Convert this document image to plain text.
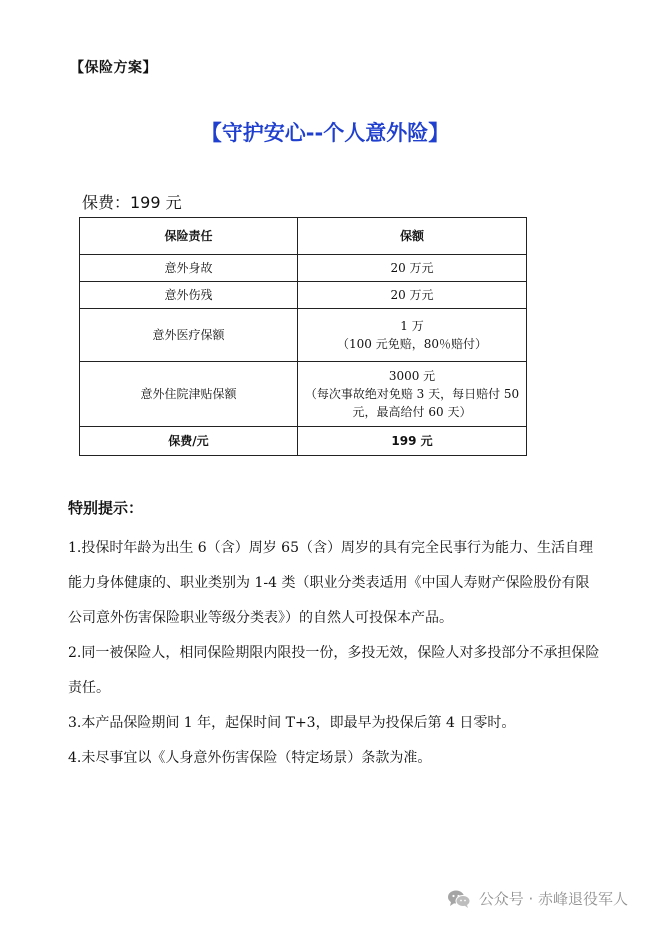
【保险方案】
【守护安心--个人意外险】
保费：199 元
保险责任	保额
意外身故	20 万元
意外伤残	20 万元
意外医疗保额	1 万
（100 元免赔，80％赔付）

意外住院津贴保额	3000 元
（每次事故绝对免赔 3 天，每日赔付 50 元，最高给付 60 天）

保费/元	199 元
特别提示：

1.投保时年龄为出生 6（含）周岁 65（含）周岁的具有完全民事行为能力、生活自理能力身体健康的、职业类别为 1-4 类（职业分类表适用《中国人寿财产保险股份有限公司意外伤害保险职业等级分类表》）的自然人可投保本产品。

2.同一被保险人，相同保险期限内限投一份，多投无效，保险人对多投部分不承担保险责任。

3.本产品保险期间 1 年，起保时间 T+3，即最早为投保后第 4 日零时。

4.未尽事宜以《人身意外伤害保险（特定场景）条款为准。

公众号 · 赤峰退役军人
